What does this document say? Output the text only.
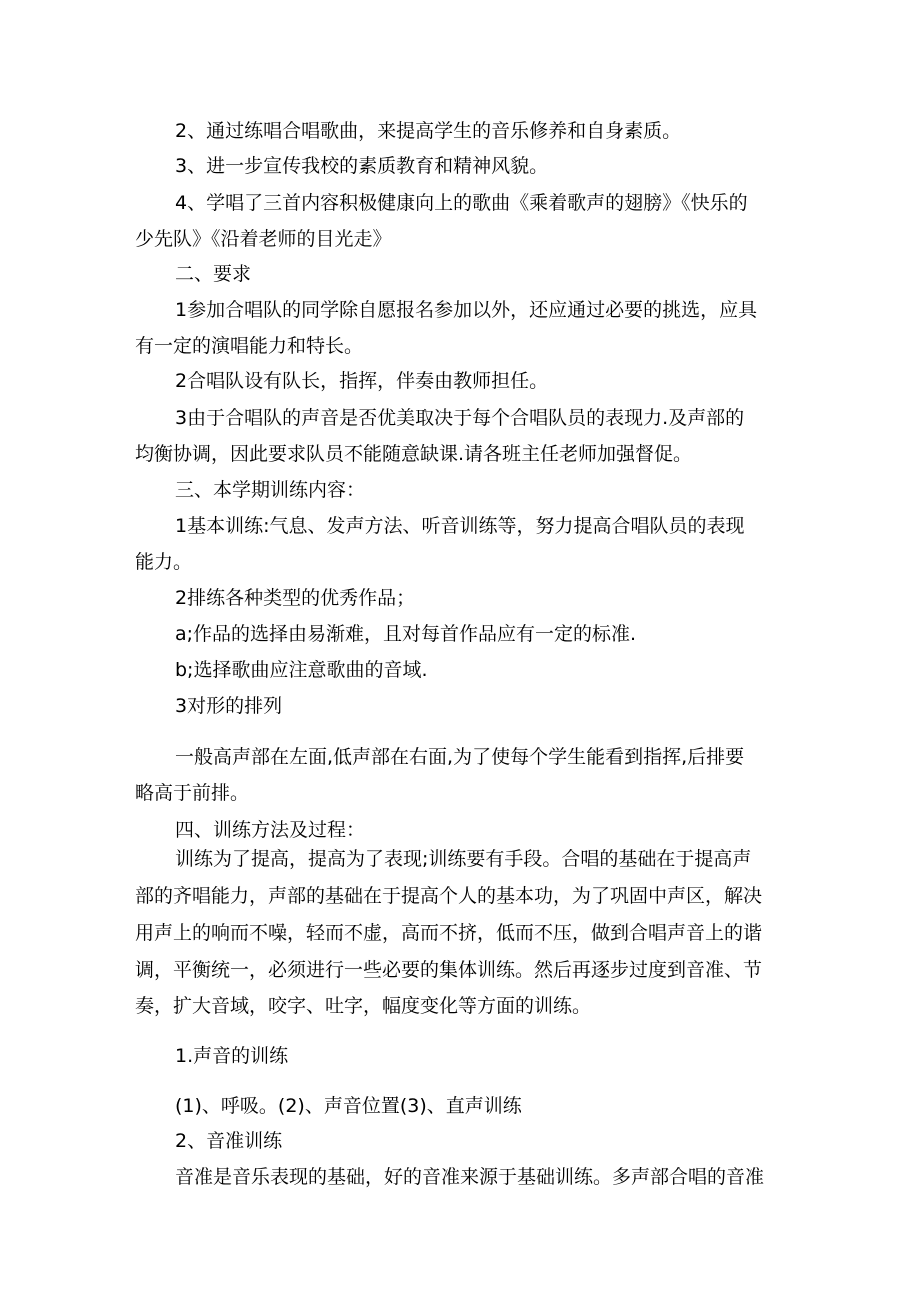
2、通过练唱合唱歌曲，来提高学生的音乐修养和自身素质。

3、进一步宣传我校的素质教育和精神风貌。

4、学唱了三首内容积极健康向上的歌曲《乘着歌声的翅膀》《快乐的

少先队》《沿着老师的目光走》

二、要求

1参加合唱队的同学除自愿报名参加以外，还应通过必要的挑选，应具

有一定的演唱能力和特长。

2合唱队设有队长，指挥，伴奏由教师担任。

3由于合唱队的声音是否优美取决于每个合唱队员的表现力.及声部的

均衡协调，因此要求队员不能随意缺课.请各班主任老师加强督促。

三、本学期训练内容：

1基本训练:气息、发声方法、听音训练等，努力提高合唱队员的表现

能力。

2排练各种类型的优秀作品；

a;作品的选择由易渐难，且对每首作品应有一定的标准.

b;选择歌曲应注意歌曲的音域.

3对形的排列

一般高声部在左面,低声部在右面,为了使每个学生能看到指挥,后排要

略高于前排。

四、训练方法及过程：

训练为了提高，提高为了表现;训练要有手段。合唱的基础在于提高声

部的齐唱能力，声部的基础在于提高个人的基本功，为了巩固中声区，解决

用声上的响而不噪，轻而不虚，高而不挤，低而不压，做到合唱声音上的谐

调，平衡统一，必须进行一些必要的集体训练。然后再逐步过度到音准、节

奏，扩大音域，咬字、吐字，幅度变化等方面的训练。

1.声音的训练

(1)、呼吸。(2)、声音位置(3)、直声训练

2、音准训练

音准是音乐表现的基础，好的音准来源于基础训练。多声部合唱的音准
